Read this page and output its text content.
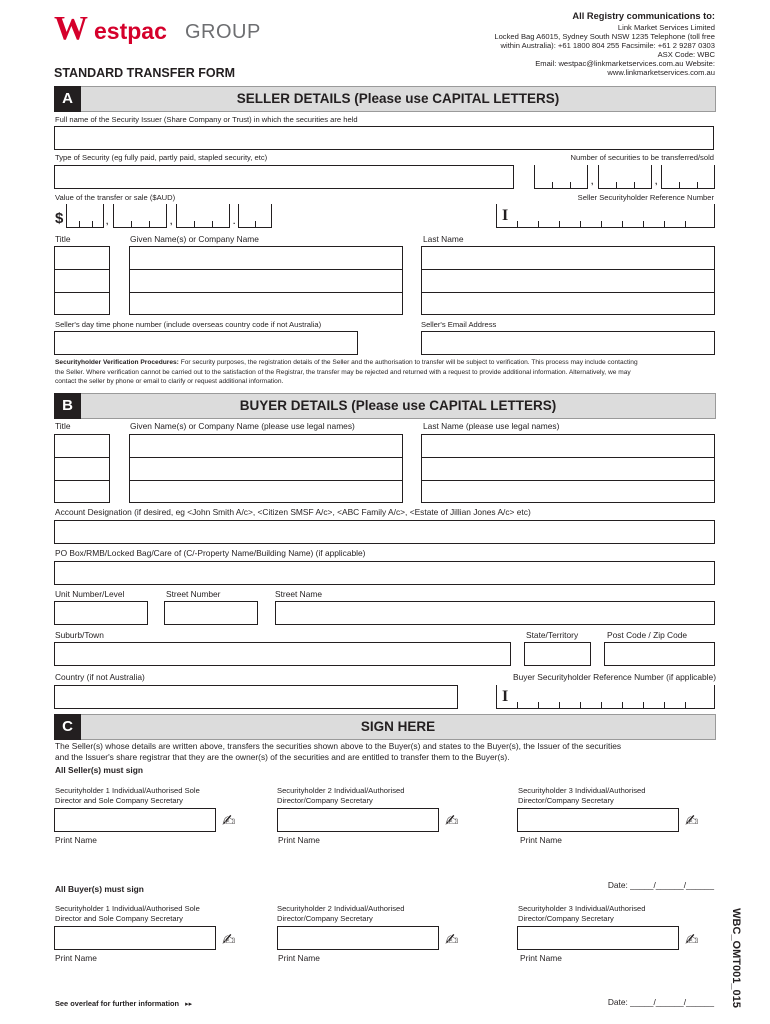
W estpac GROUP
STANDARD TRANSFER FORM
All Registry communications to:
Link Market Services Limited
Locked Bag A6015, Sydney South NSW 1235 Telephone (toll free
within Australia): +61 1800 804 255 Facsimile: +61 2 9287 0303
ASX Code: WBC
Email: westpac@linkmarketservices.com.au Website:
www.linkmarketservices.com.au
A	SELLER DETAILS (Please use CAPITAL LETTERS)
Full name of the Security Issuer (Share Company or Trust) in which the securities are held
Type of Security (eg fully paid, partly paid, stapled security, etc)	Number of securities to be transferred/sold
,	,
Value of the transfer or sale ($AUD)	Seller Securityholder Reference Number
$	,	,	.	I
Title	Given Name(s) or Company Name	Last Name
Seller's day time phone number (include overseas country code if not Australia)	Seller's Email Address
Securityholder Verification Procedures: For security purposes, the registration details of the Seller and the authorisation to transfer will be subject to verification. This process may include contacting
the Seller. Where verification cannot be carried out to the satisfaction of the Registrar, the transfer may be rejected and returned with a request to provide additional information. Alternatively, we may
contact the seller by phone or email to clarify or request additional information.
B	BUYER DETAILS (Please use CAPITAL LETTERS)
Title	Given Name(s) or Company Name (please use legal names)	Last Name (please use legal names)
Account Designation (if desired, eg <John Smith A/c>, <Citizen SMSF A/c>, <ABC Family A/c>, <Estate of Jillian Jones A/c> etc)
PO Box/RMB/Locked Bag/Care of (C/-Property Name/Building Name) (if applicable)
Unit Number/Level	Street Number	Street Name
Suburb/Town	State/Territory	Post Code / Zip Code
Country (if not Australia)	Buyer Securityholder Reference Number (if applicable)
I
C	SIGN HERE
The Seller(s) whose details are written above, transfers the securities shown above to the Buyer(s) and states to the Buyer(s), the Issuer of the securities
and the Issuer's share registrar that they are the owner(s) of the securities and are entitled to transfer them to the Buyer(s).
All Seller(s) must sign
Securityholder 1 Individual/Authorised Sole
Director and Sole Company Secretary
Securityholder 2 Individual/Authorised
Director/Company Secretary
Securityholder 3 Individual/Authorised
Director/Company Secretary
✍	✍	✍
Print Name	Print Name	Print Name
Date: _____/______/______
All Buyer(s) must sign
Securityholder 1 Individual/Authorised Sole
Director and Sole Company Secretary
Securityholder 2 Individual/Authorised
Director/Company Secretary
Securityholder 3 Individual/Authorised
Director/Company Secretary
✍	✍	✍
Print Name	Print Name	Print Name
See overleaf for further information ▸▸	Date: _____/______/______ WBC_OMT001_015
